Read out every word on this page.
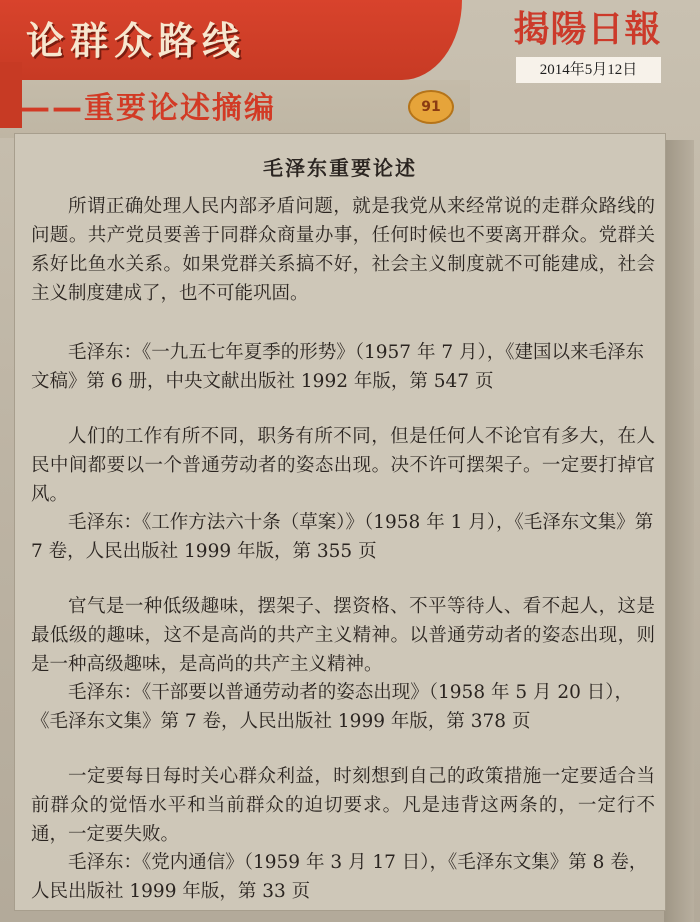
论群众路线
——重要论述摘编	91
揭陽日報
2014年5月12日
毛泽东重要论述

所谓正确处理人民内部矛盾问题，就是我党从来经常说的走群众路线的问题。共产党员要善于同群众商量办事，任何时候也不要离开群众。党群关系好比鱼水关系。如果党群关系搞不好，社会主义制度就不可能建成，社会主义制度建成了，也不可能巩固。

毛泽东：《一九五七年夏季的形势》（1957 年 7 月），《建国以来毛泽东文稿》第 6 册，中央文献出版社 1992 年版，第 547 页

人们的工作有所不同，职务有所不同，但是任何人不论官有多大，在人民中间都要以一个普通劳动者的姿态出现。决不许可摆架子。一定要打掉官风。

毛泽东：《工作方法六十条（草案）》（1958 年 1 月），《毛泽东文集》第 7 卷，人民出版社 1999 年版，第 355 页

官气是一种低级趣味，摆架子、摆资格、不平等待人、看不起人，这是最低级的趣味，这不是高尚的共产主义精神。以普通劳动者的姿态出现，则是一种高级趣味，是高尚的共产主义精神。

毛泽东：《干部要以普通劳动者的姿态出现》（1958 年 5 月 20 日），《毛泽东文集》第 7 卷，人民出版社 1999 年版，第 378 页

一定要每日每时关心群众利益，时刻想到自己的政策措施一定要适合当前群众的觉悟水平和当前群众的迫切要求。凡是违背这两条的，一定行不通，一定要失败。

毛泽东：《党内通信》（1959 年 3 月 17 日），《毛泽东文集》第 8 卷，人民出版社 1999 年版，第 33 页
